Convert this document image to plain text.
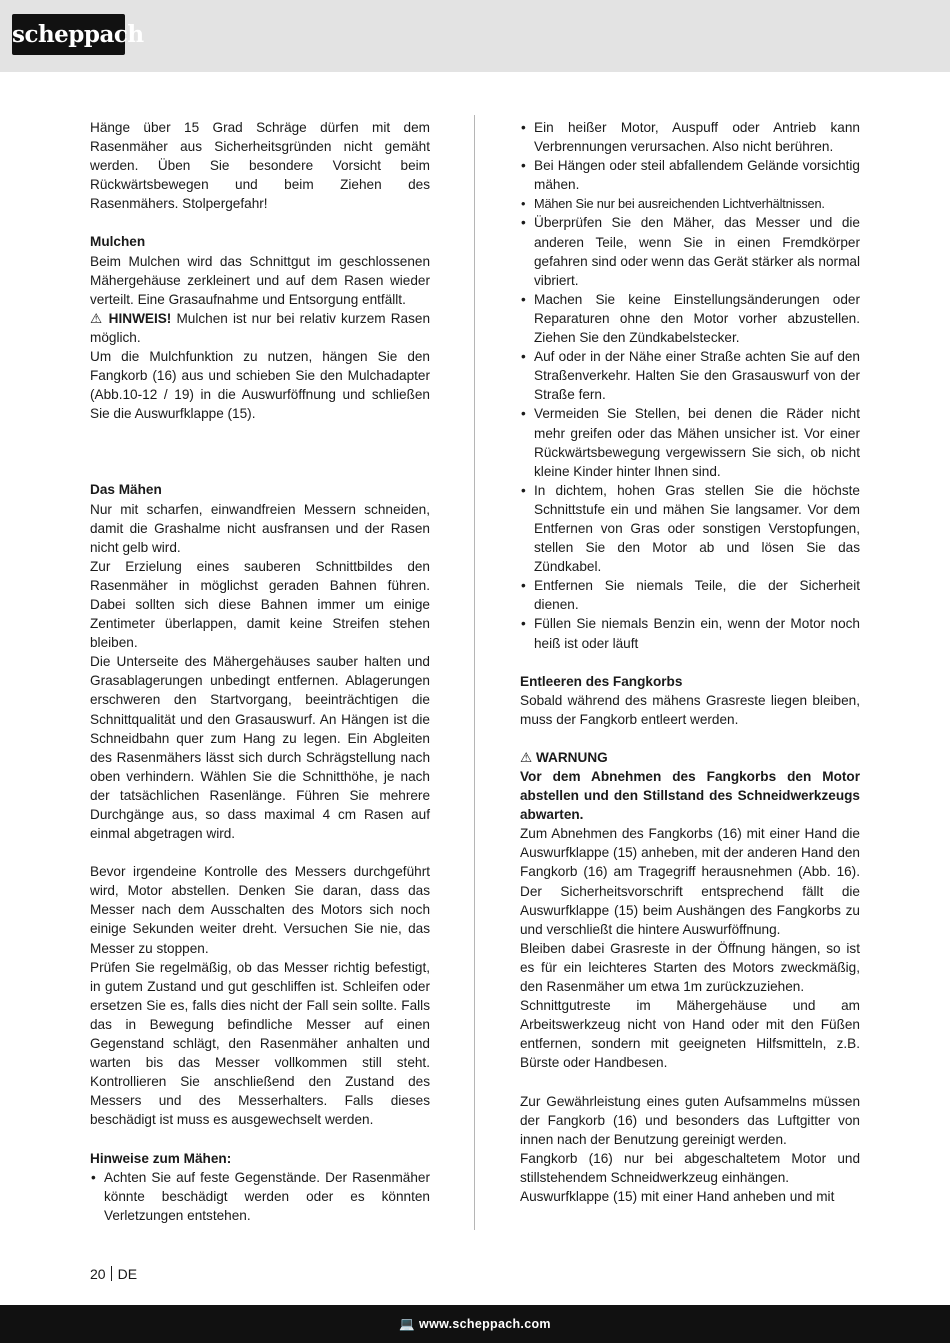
scheppach

Hänge über 15 Grad Schräge dürfen mit dem Rasenmäher aus Sicherheitsgründen nicht gemäht werden. Üben Sie besondere Vorsicht beim Rückwärtsbewegen und beim Ziehen des Rasenmähers. Stolpergefahr!

Mulchen

Beim Mulchen wird das Schnittgut im geschlossenen Mähergehäuse zerkleinert und auf dem Rasen wieder verteilt. Eine Grasaufnahme und Entsorgung entfällt.

⚠ HINWEIS! Mulchen ist nur bei relativ kurzem Rasen möglich.

Um die Mulchfunktion zu nutzen, hängen Sie den Fangkorb (16) aus und schieben Sie den Mulchadapter (Abb.10-12 / 19) in die Auswurföffnung und schließen Sie die Auswurfklappe (15).

Das Mähen

Nur mit scharfen, einwandfreien Messern schneiden, damit die Grashalme nicht ausfransen und der Rasen nicht gelb wird.

Zur Erzielung eines sauberen Schnittbildes den Rasenmäher in möglichst geraden Bahnen führen. Dabei sollten sich diese Bahnen immer um einige Zentimeter überlappen, damit keine Streifen stehen bleiben.

Die Unterseite des Mähergehäuses sauber halten und Grasablagerungen unbedingt entfernen. Ablagerungen erschweren den Startvorgang, beeinträchtigen die Schnittqualität und den Grasauswurf. An Hängen ist die Schneidbahn quer zum Hang zu legen. Ein Abgleiten des Rasenmähers lässt sich durch Schrägstellung nach oben verhindern. Wählen Sie die Schnitthöhe, je nach der tatsächlichen Rasenlänge. Führen Sie mehrere Durchgänge aus, so dass maximal 4 cm Rasen auf einmal abgetragen wird.

Bevor irgendeine Kontrolle des Messers durchgeführt wird, Motor abstellen. Denken Sie daran, dass das Messer nach dem Ausschalten des Motors sich noch einige Sekunden weiter dreht. Versuchen Sie nie, das Messer zu stoppen.

Prüfen Sie regelmäßig, ob das Messer richtig befestigt, in gutem Zustand und gut geschliffen ist. Schleifen oder ersetzen Sie es, falls dies nicht der Fall sein sollte. Falls das in Bewegung befindliche Messer auf einen Gegenstand schlägt, den Rasenmäher anhalten und warten bis das Messer vollkommen still steht. Kontrollieren Sie anschließend den Zustand des Messers und des Messerhalters. Falls dieses beschädigt ist muss es ausgewechselt werden.

Hinweise zum Mähen:
• Achten Sie auf feste Gegenstände. Der Rasenmäher könnte beschädigt werden oder es könnten Verletzungen entstehen.
• Ein heißer Motor, Auspuff oder Antrieb kann Verbrennungen verursachen. Also nicht berühren.
• Bei Hängen oder steil abfallendem Gelände vorsichtig mähen.
• Mähen Sie nur bei ausreichenden Lichtverhältnissen.
• Überprüfen Sie den Mäher, das Messer und die anderen Teile, wenn Sie in einen Fremdkörper gefahren sind oder wenn das Gerät stärker als normal vibriert.
• Machen Sie keine Einstellungsänderungen oder Reparaturen ohne den Motor vorher abzustellen. Ziehen Sie den Zündkabelstecker.
• Auf oder in der Nähe einer Straße achten Sie auf den Straßenverkehr. Halten Sie den Grasauswurf von der Straße fern.
• Vermeiden Sie Stellen, bei denen die Räder nicht mehr greifen oder das Mähen unsicher ist. Vor einer Rückwärtsbewegung vergewissern Sie sich, ob nicht kleine Kinder hinter Ihnen sind.
• In dichtem, hohen Gras stellen Sie die höchste Schnittstufe ein und mähen Sie langsamer. Vor dem Entfernen von Gras oder sonstigen Verstopfungen, stellen Sie den Motor ab und lösen Sie das Zündkabel.
• Entfernen Sie niemals Teile, die der Sicherheit dienen.
• Füllen Sie niemals Benzin ein, wenn der Motor noch heiß ist oder läuft
Entleeren des Fangkorbs

Sobald während des mähens Grasreste liegen bleiben, muss der Fangkorb entleert werden.

⚠ WARNUNG

Vor dem Abnehmen des Fangkorbs den Motor abstellen und den Stillstand des Schneidwerkzeugs abwarten.

Zum Abnehmen des Fangkorbs (16) mit einer Hand die Auswurfklappe (15) anheben, mit der anderen Hand den Fangkorb (16) am Tragegriff herausnehmen (Abb. 16). Der Sicherheitsvorschrift entsprechend fällt die Auswurfklappe (15) beim Aushängen des Fangkorbs zu und verschließt die hintere Auswurföffnung.

Bleiben dabei Grasreste in der Öffnung hängen, so ist es für ein leichteres Starten des Motors zweckmäßig, den Rasenmäher um etwa 1m zurückzuziehen.

Schnittgutreste im Mähergehäuse und am Arbeitswerkzeug nicht von Hand oder mit den Füßen entfernen, sondern mit geeigneten Hilfsmitteln, z.B. Bürste oder Handbesen.

Zur Gewährleistung eines guten Aufsammelns müssen der Fangkorb (16) und besonders das Luftgitter von innen nach der Benutzung gereinigt werden.

Fangkorb (16) nur bei abgeschaltetem Motor und stillstehendem Schneidwerkzeug einhängen.

Auswurfklappe (15) mit einer Hand anheben und mit

20 DE
💻 www.scheppach.com
